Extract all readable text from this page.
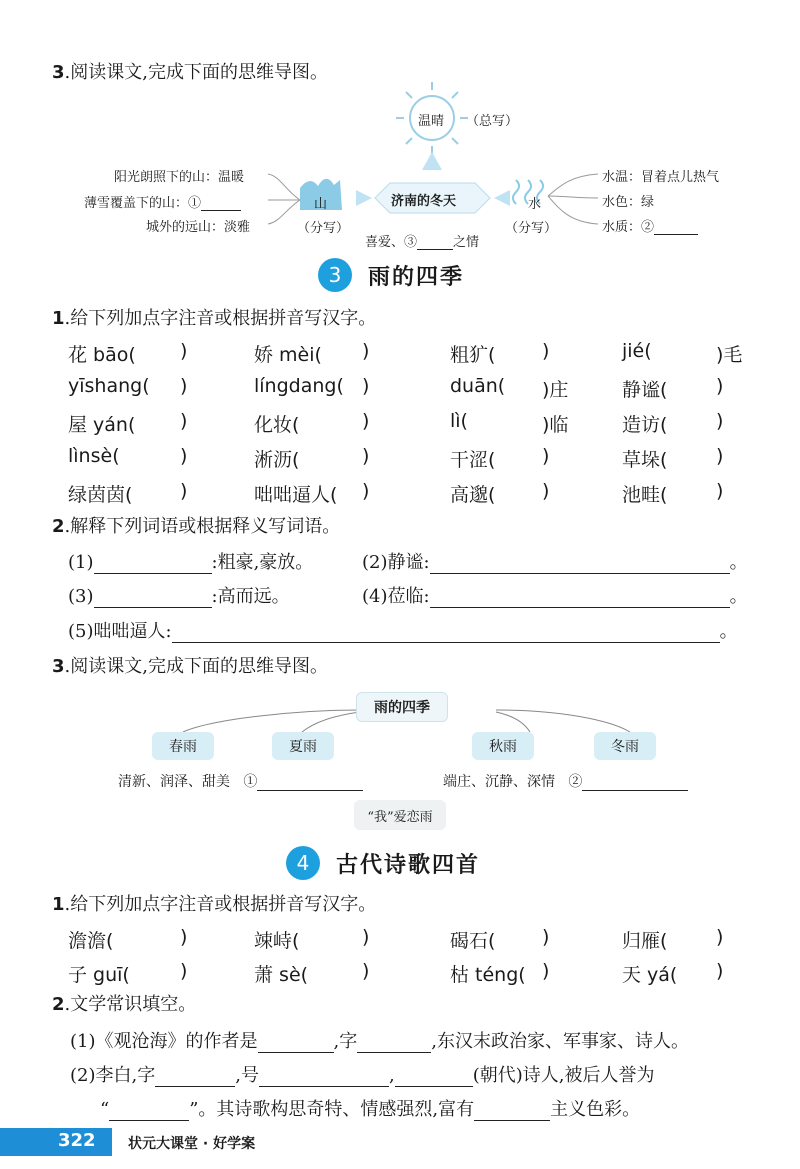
3.阅读课文,完成下面的思维导图。
温晴 （总写）
济南的冬天
山	水
（分写）	（分写）
阳光朗照下的山：温暖
薄雪覆盖下的山：①
城外的远山：淡雅
水温：冒着点儿热气
水色：绿
水质：②
喜爱、③	之情
3	雨的四季
1.给下列加点字注音或根据拼音写汉字。
花 bāo( )	娇 mèi( )	粗犷( )	jié(	)毛
yīshang( )	língdang( )	duān( )庄	静谧(	)
屋 yán( )	化妆(	)	lì(	)临	造访(	)
lìnsè(	)	淅沥(	)	干涩( )	草垛(	)
绿茵茵(	)	咄咄逼人( )	高邈( )	池畦(	)
2.解释下列词语或根据释义写词语。
(1)	:粗豪,豪放。	(2)静谧:	。
(3)	:高而远。	(4)莅临:	。
(5)咄咄逼人:	。
3.阅读课文,完成下面的思维导图。
雨的四季
春雨	夏雨	秋雨	冬雨
清新、润泽、甜美 ①	端庄、沉静、深情 ②
“我”爱恋雨
4	古代诗歌四首
1.给下列加点字注音或根据拼音写汉字。
澹澹(	)	竦峙(	)	碣石( )	归雁(	)
子 guī(	)	萧 sè(	)	枯 téng( )	天 yá( )
2.文学常识填空。
(1)《观沧海》的作者是	,字	,东汉末政治家、军事家、诗人。
(2)李白,字	,号	,	(朝代)诗人,被后人誉为
“	”。其诗歌构思奇特、情感强烈,富有	主义色彩。
322 状元大课堂 · 好学案
